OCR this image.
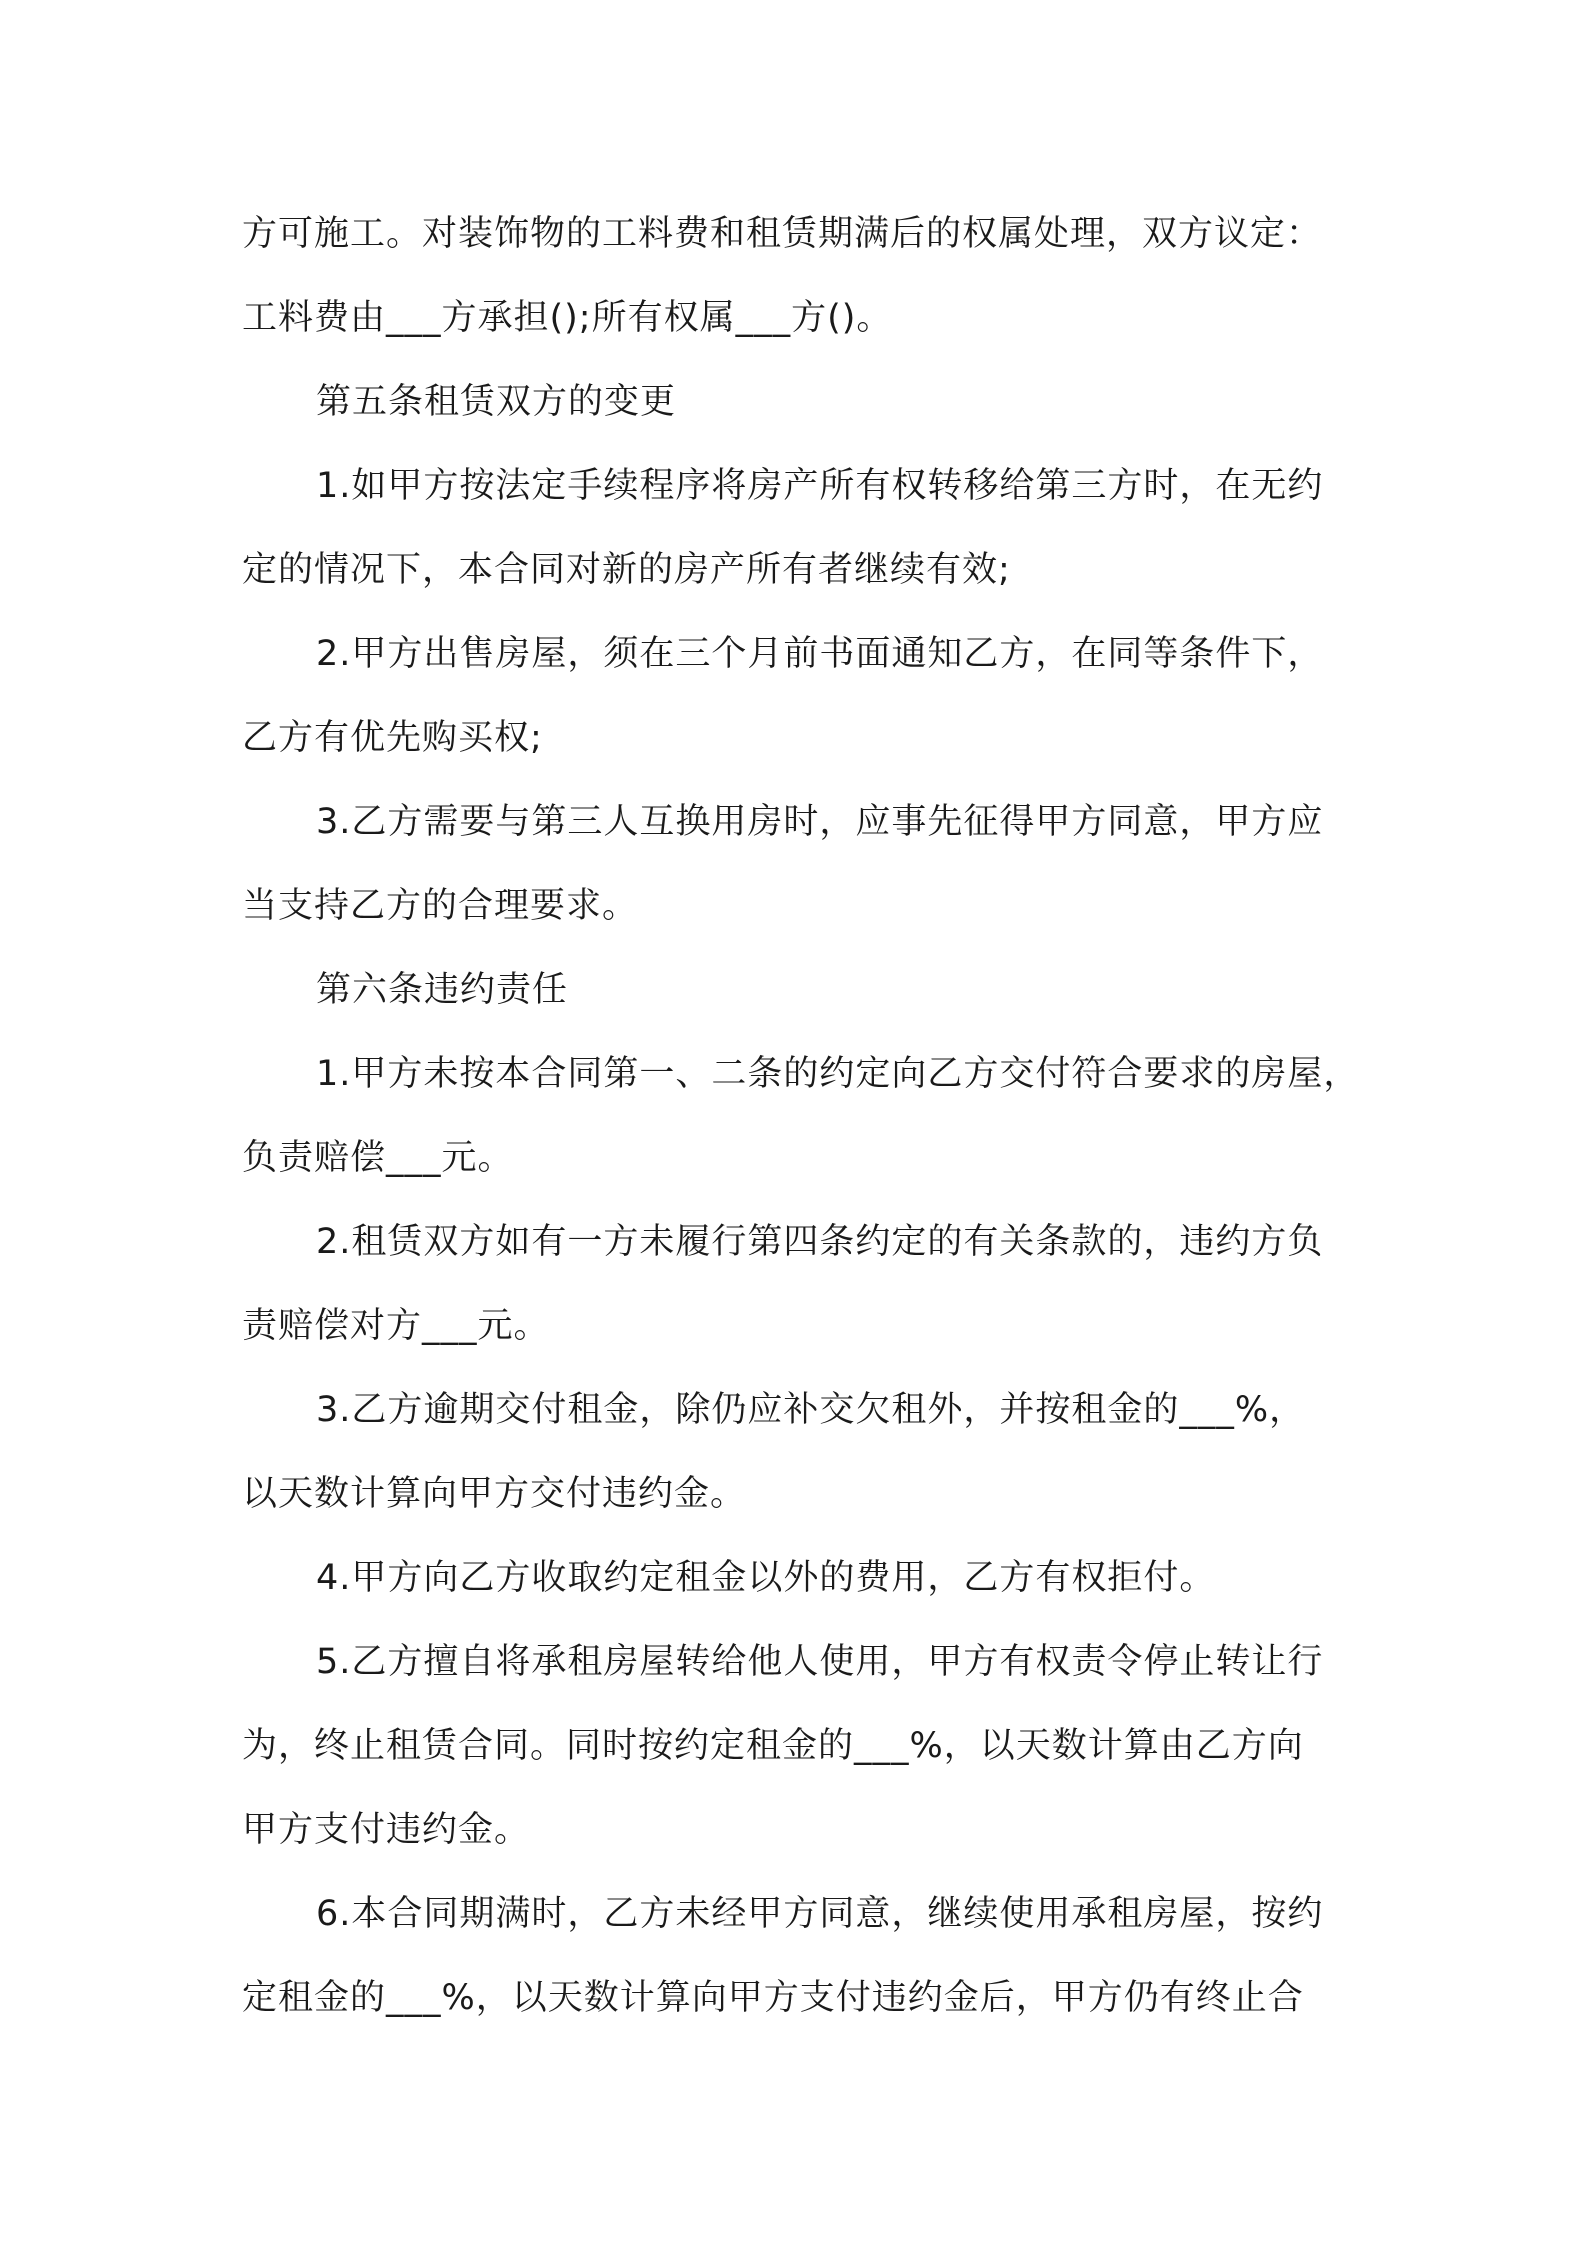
方可施工。对装饰物的工料费和租赁期满后的权属处理，双方议定：

工料费由___方承担();所有权属___方()。

第五条租赁双方的变更

1.如甲方按法定手续程序将房产所有权转移给第三方时，在无约

定的情况下，本合同对新的房产所有者继续有效;

2.甲方出售房屋，须在三个月前书面通知乙方，在同等条件下，

乙方有优先购买权;

3.乙方需要与第三人互换用房时，应事先征得甲方同意，甲方应

当支持乙方的合理要求。

第六条违约责任

1.甲方未按本合同第一、二条的约定向乙方交付符合要求的房屋，

负责赔偿___元。

2.租赁双方如有一方未履行第四条约定的有关条款的，违约方负

责赔偿对方___元。

3.乙方逾期交付租金，除仍应补交欠租外，并按租金的___%，

以天数计算向甲方交付违约金。

4.甲方向乙方收取约定租金以外的费用，乙方有权拒付。

5.乙方擅自将承租房屋转给他人使用，甲方有权责令停止转让行

为，终止租赁合同。同时按约定租金的___%，以天数计算由乙方向

甲方支付违约金。

6.本合同期满时，乙方未经甲方同意，继续使用承租房屋，按约

定租金的___%，以天数计算向甲方支付违约金后，甲方仍有终止合
